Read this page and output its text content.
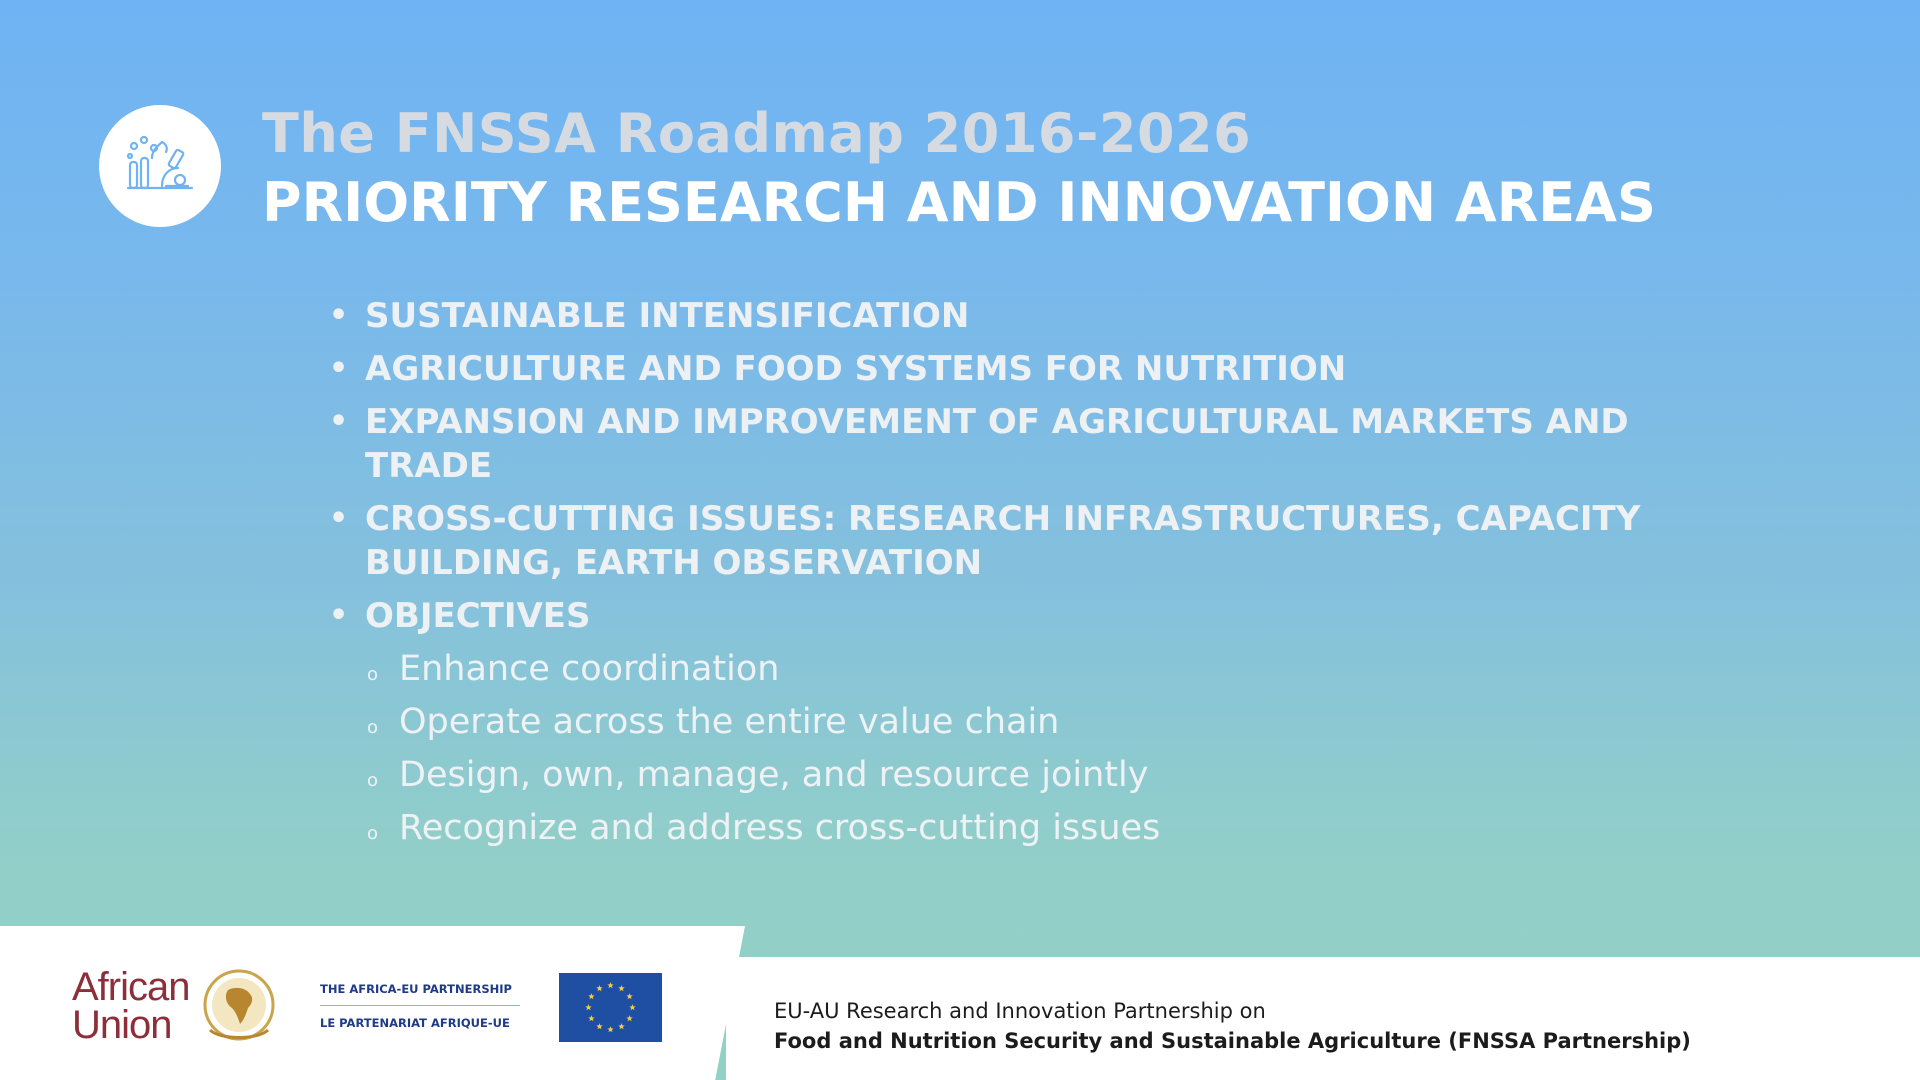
The FNSSA Roadmap 2016-2026
PRIORITY RESEARCH AND INNOVATION AREAS
• SUSTAINABLE INTENSIFICATION
• AGRICULTURE AND FOOD SYSTEMS FOR NUTRITION
• EXPANSION AND IMPROVEMENT OF AGRICULTURAL MARKETS AND TRADE
• CROSS-CUTTING ISSUES: RESEARCH INFRASTRUCTURES, CAPACITY BUILDING, EARTH OBSERVATION
• OBJECTIVES
o Enhance coordination
o Operate across the entire value chain
o Design, own, manage, and resource jointly
o Recognize and address cross-cutting issues
African
Union
THE AFRICA-EU PARTNERSHIP
LE PARTENARIAT AFRIQUE-UE	EU-AU Research and Innovation Partnership on
Food and Nutrition Security and Sustainable Agriculture (FNSSA Partnership)
